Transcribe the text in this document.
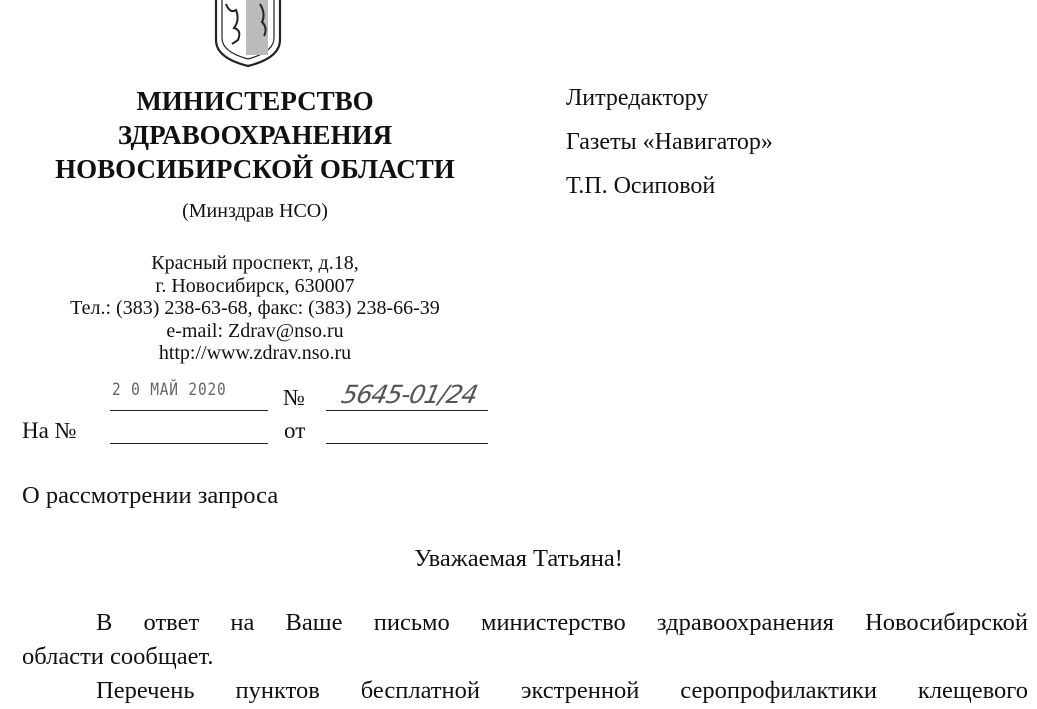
МИНИСТЕРСТВО
ЗДРАВООХРАНЕНИЯ
НОВОСИБИРСКОЙ ОБЛАСТИ
(Минздрав НСО)
Красный проспект, д.18,
г. Новосибирск, 630007
Тел.: (383) 238-63-68, факс: (383) 238-66-39
e-mail: Zdrav@nso.ru
http://www.zdrav.nso.ru
Литредактору
Газеты «Навигатор»
Т.П. Осиповой
2 0 МАЙ 2020 № 5645-01/24
На №	от
О рассмотрении запроса
Уважаемая Татьяна!
В ответ на Ваше письмо министерство здравоохранения Новосибирской
области сообщает.
Перечень пунктов бесплатной экстренной серопрофилактики клещевого
